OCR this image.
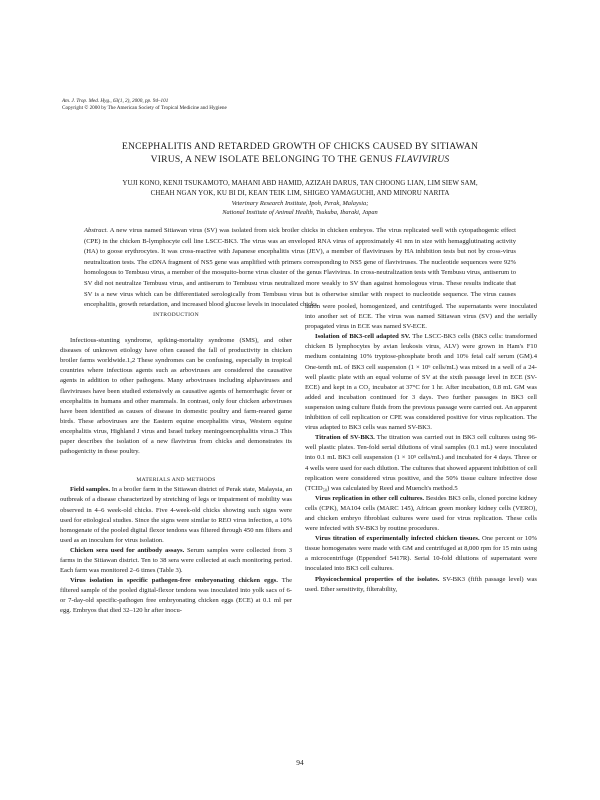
Am. J. Trop. Med. Hyg., 63(1, 2), 2000, pp. 94–101
Copyright © 2000 by The American Society of Tropical Medicine and Hygiene
ENCEPHALITIS AND RETARDED GROWTH OF CHICKS CAUSED BY SITIAWAN
VIRUS, A NEW ISOLATE BELONGING TO THE GENUS FLAVIVIRUS
YUJI KONO, KENJI TSUKAMOTO, MAHANI ABD HAMID, AZIZAH DARUS, TAN CHOONG LIAN, LIM SIEW SAM,
CHEAH NGAN YOK, KU BI DI, KEAN TEIK LIM, SHIGEO YAMAGUCHI, AND MINORU NARITA
Veterinary Research Institute, Ipoh, Perak, Malaysia;
National Institute of Animal Health, Tsukuba, Ibaraki, Japan
Abstract. A new virus named Sitiawan virus (SV) was isolated from sick broiler chicks in chicken embryos. The virus replicated well with cytopathogenic effect (CPE) in the chicken B-lymphocyte cell line LSCC-BK3. The virus was an enveloped RNA virus of approximately 41 nm in size with hemagglutinating activity (HA) to goose erythrocytes. It was cross-reactive with Japanese encephalitis virus (JEV), a member of flaviviruses by HA inhibition tests but not by cross-virus neutralization tests. The cDNA fragment of NS5 gene was amplified with primers corresponding to NS5 gene of flaviviruses. The nucleotide sequences were 92% homologous to Tembusu virus, a member of the mosquito-borne virus cluster of the genus Flavivirus. In cross-neutralization tests with Tembusu virus, antiserum to SV did not neutralize Tembusu virus, and antiserum to Tembusu virus neutralized more weakly to SV than against homologous virus. These results indicate that SV is a new virus which can be differentiated serologically from Tembusu virus but is otherwise similar with respect to nucleotide sequence. The virus causes encephalitis, growth retardation, and increased blood glucose levels in inoculated chicks.

INTRODUCTION

Infectious-stunting syndrome, spiking-mortality syndrome (SMS), and other diseases of unknown etiology have often caused the fall of productivity in chicken broiler farms worldwide.1,2 These syndromes can be confusing, especially in tropical countries where infectious agents such as arboviruses are considered the causative agents in addition to other pathogens. Many arboviruses including alphaviruses and flaviviruses have been studied extensively as causative agents of hemorrhagic fever or encephalitis in humans and other mammals. In contrast, only four chicken arboviruses have been identified as causes of disease in domestic poultry and farm-reared game birds. These arboviruses are the Eastern equine encephalitis virus, Western equine encephalitis virus, Highland J virus and Israel turkey meningoencephalitis virus.3 This paper describes the isolation of a new flavivirus from chicks and demonstrates its pathogenicity in these poultry.

MATERIALS AND METHODS

Field samples. In a broiler farm in the Sitiawan district of Perak state, Malaysia, an outbreak of a disease characterized by stretching of legs or impairment of mobility was observed in 4–6 week-old chicks. Five 4-week-old chicks showing such signs were used for etiological studies. Since the signs were similar to REO virus infection, a 10% homogenate of the pooled digital flexor tendons was filtered through 450 nm filters and used as an inoculum for virus isolation.

Chicken sera used for antibody assays. Serum samples were collected from 3 farms in the Sitiawan district. Ten to 38 sera were collected at each monitoring period. Each farm was monitored 2–6 times (Table 3).

Virus isolation in specific pathogen-free embryonating chicken eggs. The filtered sample of the pooled digital-flexor tendons was inoculated into yolk sacs of 6- or 7-day-old specific-pathogen free embryonating chicken eggs (ECE) at 0.1 ml per egg. Embryos that died 32–120 hr after inocu-

lation were pooled, homogenized, and centrifuged. The supernatants were inoculated into another set of ECE. The virus was named Sitiawan virus (SV) and the serially propagated virus in ECE was named SV-ECE.

Isolation of BK3-cell adapted SV. The LSCC-BK3 cells (BK3 cells: transformed chicken B lymphocytes by avian leukosis virus, ALV) were grown in Ham's F10 medium containing 10% tryptose-phosphate broth and 10% fetal calf serum (GM).4 One-tenth mL of BK3 cell suspension (1 × 10⁶ cells/mL) was mixed in a well of a 24-well plastic plate with an equal volume of SV at the sixth passage level in ECE (SV-ECE) and kept in a CO₂ incubator at 37°C for 1 hr. After incubation, 0.8 mL GM was added and incubation continued for 3 days. Two further passages in BK3 cell suspension using culture fluids from the previous passage were carried out. An apparent inhibition of cell replication or CPE was considered positive for virus replication. The virus adapted to BK3 cells was named SV-BK3.

Titration of SV-BK3. The titration was carried out in BK3 cell cultures using 96-well plastic plates. Ten-fold serial dilutions of viral samples (0.1 mL) were inoculated into 0.1 mL BK3 cell suspension (1 × 10⁵ cells/mL) and incubated for 4 days. Three or 4 wells were used for each dilution. The cultures that showed apparent inhibition of cell replication were considered virus positive, and the 50% tissue culture infective dose (TCID₅₀) was calculated by Reed and Muench's method.5

Virus replication in other cell cultures. Besides BK3 cells, cloned porcine kidney cells (CPK), MA104 cells (MARC 145), African green monkey kidney cells (VERO), and chicken embryo fibroblast cultures were used for virus replication. These cells were infected with SV-BK3 by routine procedures.

Virus titration of experimentally infected chicken tissues. One percent or 10% tissue homogenates were made with GM and centrifuged at 8,000 rpm for 15 min using a microcentrifuge (Eppendorf 5417R). Serial 10-fold dilutions of supernatant were inoculated into BK3 cell cultures.

Physicochemical properties of the isolates. SV-BK3 (fifth passage level) was used. Ether sensitivity, filterability,

94
